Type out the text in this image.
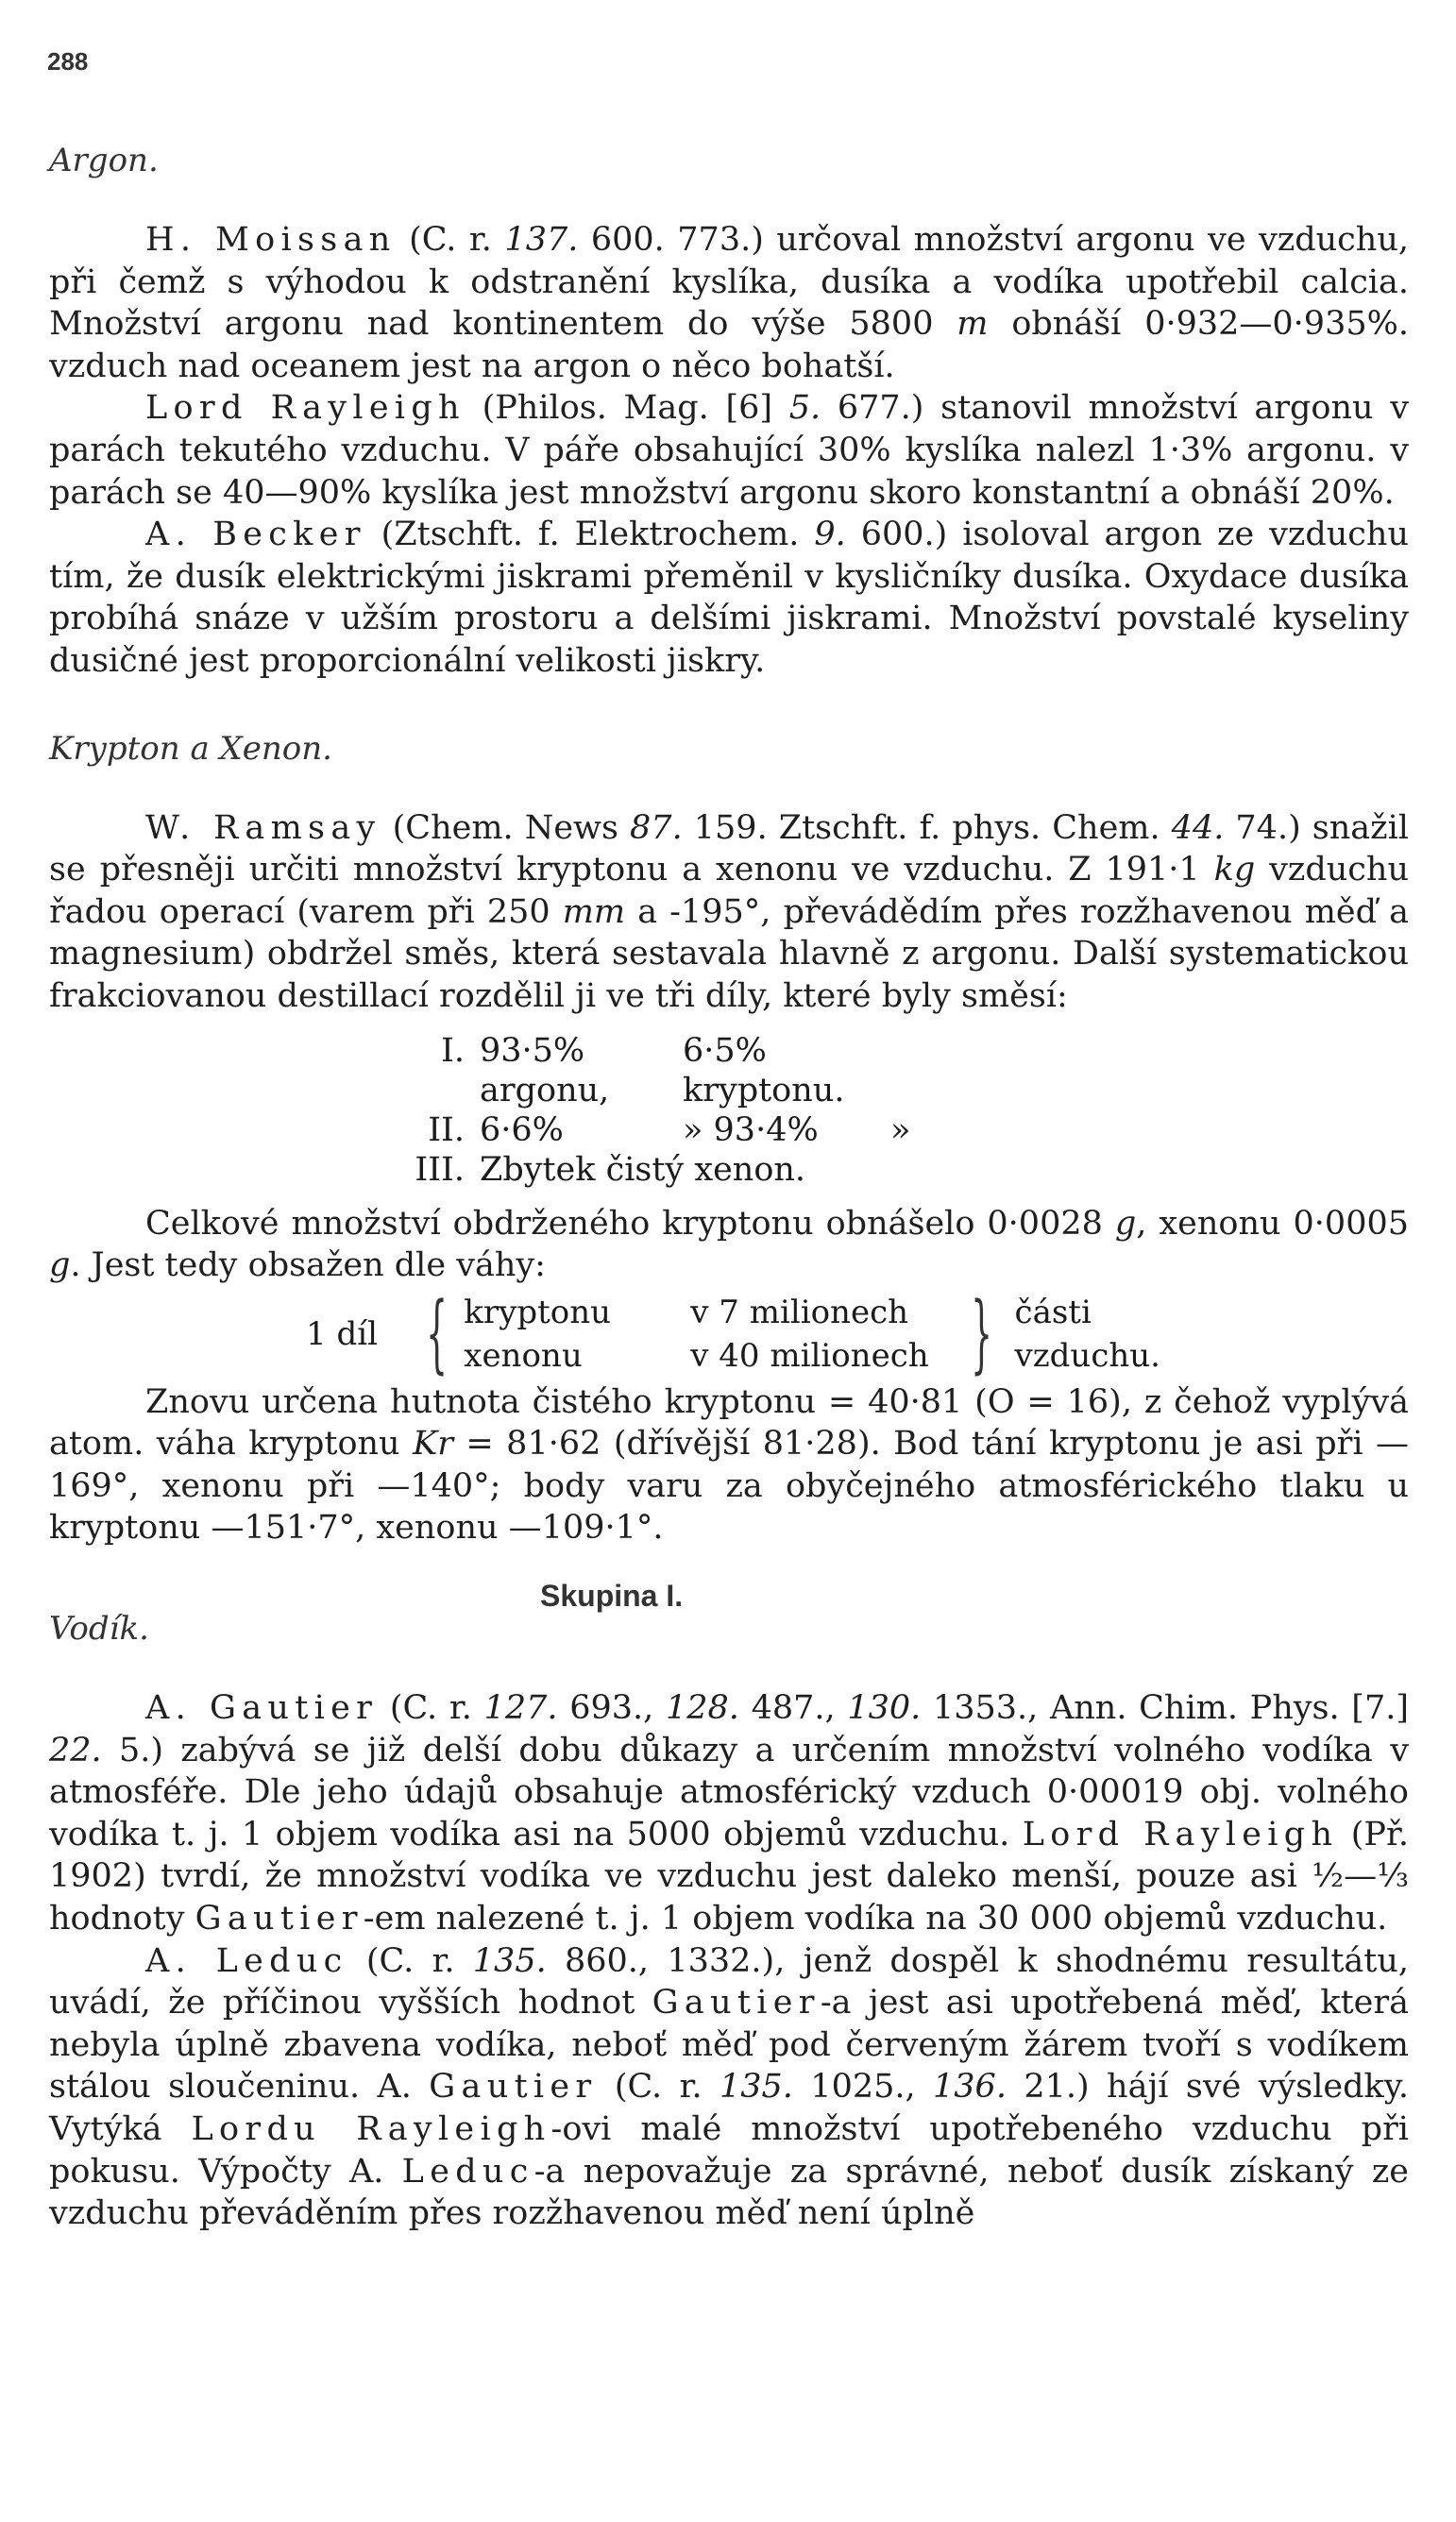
288
Argon.

H. Moissan (C. r. 137. 600. 773.) určoval množství argonu ve vzduchu, při čemž s výhodou k odstranění kyslíka, dusíka a vodíka upotřebil calcia. Množství argonu nad kontinentem do výše 5800 m obnáší 0·932—0·935%. vzduch nad oceanem jest na argon o něco bohatší.

Lord Rayleigh (Philos. Mag. [6] 5. 677.) stanovil množství argonu v parách tekutého vzduchu. V páře obsahující 30% kyslíka nalezl 1·3% argonu. v parách se 40—90% kyslíka jest množství argonu skoro konstantní a obnáší 20%.

A. Becker (Ztschft. f. Elektrochem. 9. 600.) isoloval argon ze vzduchu tím, že dusík elektrickými jiskrami přeměnil v kysličníky dusíka. Oxydace dusíka probíhá snáze v užším prostoru a delšími jiskrami. Množství povstalé kyseliny dusičné jest proporcionální velikosti jiskry.

Krypton a Xenon.

W. Ramsay (Chem. News 87. 159. Ztschft. f. phys. Chem. 44. 74.) snažil se přesněji určiti množství kryptonu a xenonu ve vzduchu. Z 191·1 kg vzduchu řadou operací (varem při 250 mm a -195°, převádědím přes rozžhavenou měď a magnesium) obdržel směs, která sestavala hlavně z argonu. Další systematickou frakciovanou destillací rozdělil ji ve tři díly, které byly směsí:

I. 93·5% argonu,
6·5% kryptonu.
II. 6·6%	» 93·4%	»
III. Zbytek čistý xenon.

Celkové množství obdrženého kryptonu obnášelo 0·0028 g, xenonu 0·0005 g. Jest tedy obsažen dle váhy:

1 díl { kryptonu
xenonu
v 7 milionech
v 40 milionech } části
vzduchu.

Znovu určena hutnota čistého kryptonu = 40·81 (O = 16), z čehož vyplývá atom. váha kryptonu Kr = 81·62 (dřívější 81·28). Bod tání kryptonu je asi při —169°, xenonu při —140°; body varu za obyčejného atmosférického tlaku u kryptonu —151·7°, xenonu —109·1°.

Vodík.
Skupina I.

A. Gautier (C. r. 127. 693., 128. 487., 130. 1353., Ann. Chim. Phys. [7.] 22. 5.) zabývá se již delší dobu důkazy a určením množství volného vodíka v atmosféře. Dle jeho údajů obsahuje atmosférický vzduch 0·00019 obj. volného vodíka t. j. 1 objem vodíka asi na 5000 objemů vzduchu. Lord Rayleigh (Př. 1902) tvrdí, že množství vodíka ve vzduchu jest daleko menší, pouze asi ½—⅓ hodnoty Gautier-em nalezené t. j. 1 objem vodíka na 30 000 objemů vzduchu.

A. Leduc (C. r. 135. 860., 1332.), jenž dospěl k shodnému resultátu, uvádí, že příčinou vyšších hodnot Gautier-a jest asi upotřebená měď, která nebyla úplně zbavena vodíka, neboť měď pod červeným žárem tvoří s vodíkem stálou sloučeninu. A. Gautier (C. r. 135. 1025., 136. 21.) hájí své výsledky. Vytýká Lordu Rayleigh-ovi malé množství upotřebeného vzduchu při pokusu. Výpočty A. Leduc-a nepovažuje za správné, neboť dusík získaný ze vzduchu převáděním přes rozžhavenou měď není úplně
